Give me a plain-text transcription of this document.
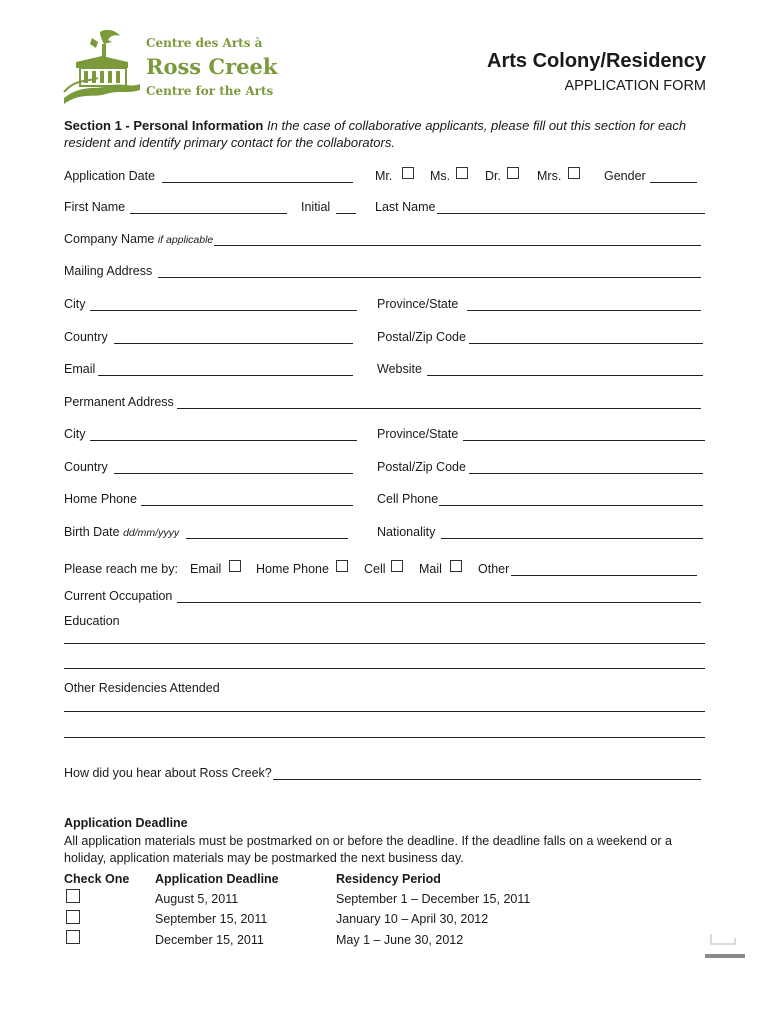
Centre des Arts à
Ross Creek
Centre for the Arts
Arts Colony/Residency
APPLICATION FORM
Section 1 - Personal Information In the case of collaborative applicants, please fill out this section for each
resident and identify primary contact for the collaborators.
Application Date	Mr.	Ms.	Dr.	Mrs.	Gender
First Name	Initial	Last Name
Company Name if applicable
Mailing Address
City	Province/State
Country	Postal/Zip Code
Email	Website
Permanent Address
City	Province/State
Country	Postal/Zip Code
Home Phone	Cell Phone
Birth Date dd/mm/yyyy	Nationality
Please reach me by: Email	Home Phone	Cell	Mail	Other
Current Occupation
Education
Other Residencies Attended
How did you hear about Ross Creek?
Application Deadline
All application materials must be postmarked on or before the deadline. If the deadline falls on a weekend or a
holiday, application materials may be postmarked the next business day.
Check One Application Deadline	Residency Period
August 5, 2011	September 1 – December 15, 2011
September 15, 2011	January 10 – April 30, 2012
December 15, 2011	May 1 – June 30, 2012
